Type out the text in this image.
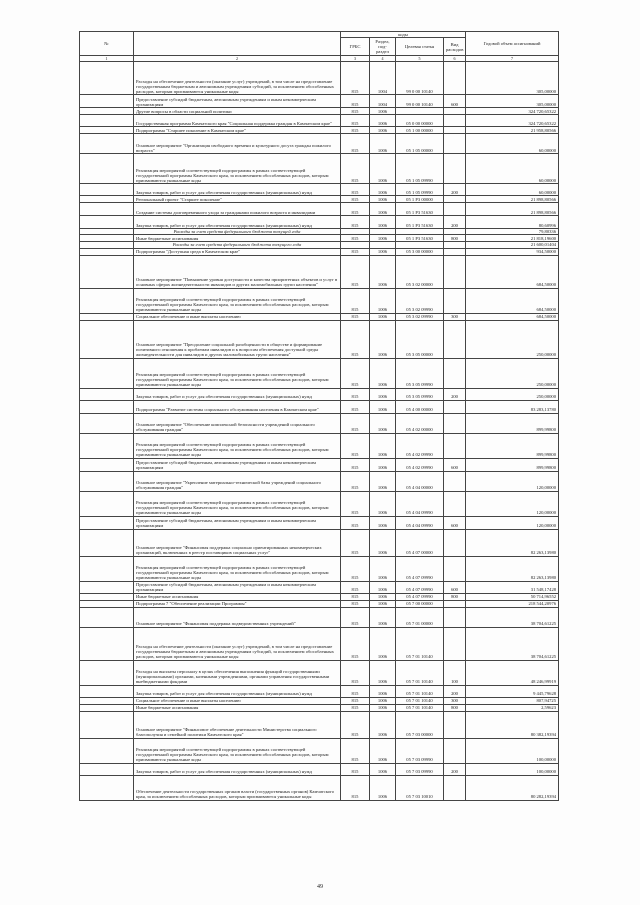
№		коды				Годовой объем ассигнований
		ГРБС	Раздел, под-раздел	Целевая статья	Вид расходов	
1	2	3	4	5	6	7
	Расходы на обеспечение деятельности (оказание услуг) учреждений, в том числе на предоставление государственным бюджетным и автономным учреждениям субсидий, за исключением обособленных расходов, которым присваиваются уникальные коды	815	1004	99 0 00 10140		305,00000
	Предоставление субсидий бюджетным, автономным учреждениям и иным некоммерческим организациям	815	1004	99 0 00 10140	600	305,00000
	Другие вопросы в области социальной политики	815	1006			324 720,65322
	Государственная программа Камчатского края "Социальная поддержка граждан в Камчатском крае"	815	1006	05 0 00 00000		324 720,65322
	Подпрограмма "Старшее поколение в Камчатском крае"	815	1006	05 1 00 00000		21 958,80566
	Основное мероприятие "Организация свободного времени и культурного досуга граждан пожилого возраста"	815	1006	05 1 05 00000		60,00000
	Реализация мероприятий соответствующей подпрограммы в рамках соответствующей государственной программы Камчатского края, за исключением обособленных расходов, которым присваиваются уникальные коды	815	1006	05 1 05 09990		60,00000
	Закупка товаров, работ и услуг для обеспечения государственных (муниципальных) нужд	815	1006	05 1 05 09990	200	60,00000
	Региональный проект "Старшее поколение"	815	1006	05 1 P3 00000		21 898,80566
	Создание системы долговременного ухода за гражданами пожилого возраста и инвалидами	815	1006	05 1 P3 51630		21 898,80566
	Закупка товаров, работ и услуг для обеспечения государственных (муниципальных) нужд	815	1006	05 1 P3 51630	200	80,60996
	Расходы за счет средств федерального бюджета текущей года					79,80336
	Иные бюджетные ассигнования	815	1006	05 1 P3 51630	800	21 818,19600
	Расходы за счет средств федерального бюджета текущего года					21 600,01404
	Подпрограмма "Доступная среда в Камчатском крае"	815	1006	05 3 00 00000		934,50000
	Основное мероприятие "Повышение уровня доступности и качества приоритетных объектов и услуг в основных сферах жизнедеятельности инвалидов и других маломобильных групп населения"	815	1006	05 3 02 00000		684,50000
	Реализация мероприятий соответствующей подпрограммы в рамках соответствующей государственной программы Камчатского края, за исключением обособленных расходов, которым присваиваются уникальные коды	815	1006	05 3 02 09990		684,50000
	Социальное обеспечение и иные выплаты населению	815	1006	05 3 02 09990	300	684,50000
	Основное мероприятие "Преодоление социальной разобщенности в обществе и формирование позитивного отношения к проблемам инвалидов и к вопросам обеспечения доступной среды жизнедеятельности для инвалидов и других маломобильных групп населения"	815	1006	05 3 05 00000		250,00000
	Реализация мероприятий соответствующей подпрограммы в рамках соответствующей государственной программы Камчатского края, за исключением обособленных расходов, которым присваиваются уникальные коды	815	1006	05 3 05 09990		250,00000
	Закупка товаров, работ и услуг для обеспечения государственных (муниципальных) нужд	815	1006	05 3 05 09990	200	250,00000
	Подпрограмма "Развитие системы социального обслуживания населения в Камчатском крае"	815	1006	05 4 00 00000		83 283,13780
	Основное мероприятие "Обеспечение комплексной безопасности учреждений социального обслуживания граждан"	815	1006	05 4 02 00000		899,99800
	Реализация мероприятий соответствующей подпрограммы в рамках соответствующей государственной программы Камчатского края, за исключением обособленных расходов, которым присваиваются уникальные коды	815	1006	05 4 02 09990		899,99800
	Предоставление субсидий бюджетным, автономным учреждениям и иным некоммерческим организациям	815	1006	05 4 02 09990	600	899,99800
	Основное мероприятие "Укрепление материально-технической базы учреждений социального обслуживания граждан"	815	1006	05 4 04 00000		120,00000
	Реализация мероприятий соответствующей подпрограммы в рамках соответствующей государственной программы Камчатского края, за исключением обособленных расходов, которым присваиваются уникальные коды	815	1006	05 4 04 09990		120,00000
	Предоставление субсидий бюджетным, автономным учреждениям и иным некоммерческим организациям	815	1006	05 4 04 09990	600	120,00000
	Основное мероприятие "Финансовая поддержка социально ориентированных некоммерческих организаций, включенных в реестр поставщиков социальных услуг"	815	1006	05 4 07 00000		82 263,13980
	Реализация мероприятий соответствующей подпрограммы в рамках соответствующей государственной программы Камчатского края, за исключением обособленных расходов, которым присваиваются уникальные коды	815	1006	05 4 07 09990		82 263,13980
	Предоставление субсидий бюджетным, автономным учреждениям и иным некоммерческим организациям	815	1006	05 4 07 09990	600	31 548,17428
	Иные бюджетные ассигнования	815	1006	05 4 07 09990	800	50 714,96552
	Подпрограмма 7 "Обеспечение реализации Программы"	815	1006	05 7 00 00000		218 544,20976
	Основное мероприятие "Финансовая поддержка подведомственных учреждений"	815	1006	05 7 01 00000		38 704,61225
	Расходы на обеспечение деятельности (оказание услуг) учреждений, в том числе на предоставление государственным бюджетным и автономным учреждениям субсидий, за исключением обособленных расходов, которым присваиваются уникальные коды	815	1006	05 7 01 10140		38 704,61225
	Расходы на выплаты персоналу в целях обеспечения выполнения функций государственными (муниципальными) органами, казенными учреждениями, органами управления государственными внебюджетными фондами	815	1006	05 7 01 10140	100	48 246,99919
	Закупка товаров, работ и услуг для обеспечения государственных (муниципальных) нужд	815	1006	05 7 01 10140	200	9 445,79628
	Социальное обеспечение и иные выплаты населению	815	1006	05 7 01 10140	300	807,94725
	Иные бюджетные ассигнования	815	1006	05 7 01 10140	800	2,59623
	Основное мероприятие "Финансовое обеспечение деятельности Министерства социального благополучия и семейной политики Камчатского края"	815	1006	05 7 03 00000		80 382,19394
	Реализация мероприятий соответствующей подпрограммы в рамках соответствующей государственной программы Камчатского края, за исключением обособленных расходов, которым присваиваются уникальные коды	815	1006	05 7 03 09990		100,00000
	Закупка товаров, работ и услуг для обеспечения государственных (муниципальных) нужд	815	1006	05 7 03 09990	200	100,00000
	Обеспечение деятельности государственных органов власти (государственных органов) Камчатского края, за исключением обособленных расходов, которым присваиваются уникальные коды	815	1006	05 7 03 10010		80 282,19394
49
